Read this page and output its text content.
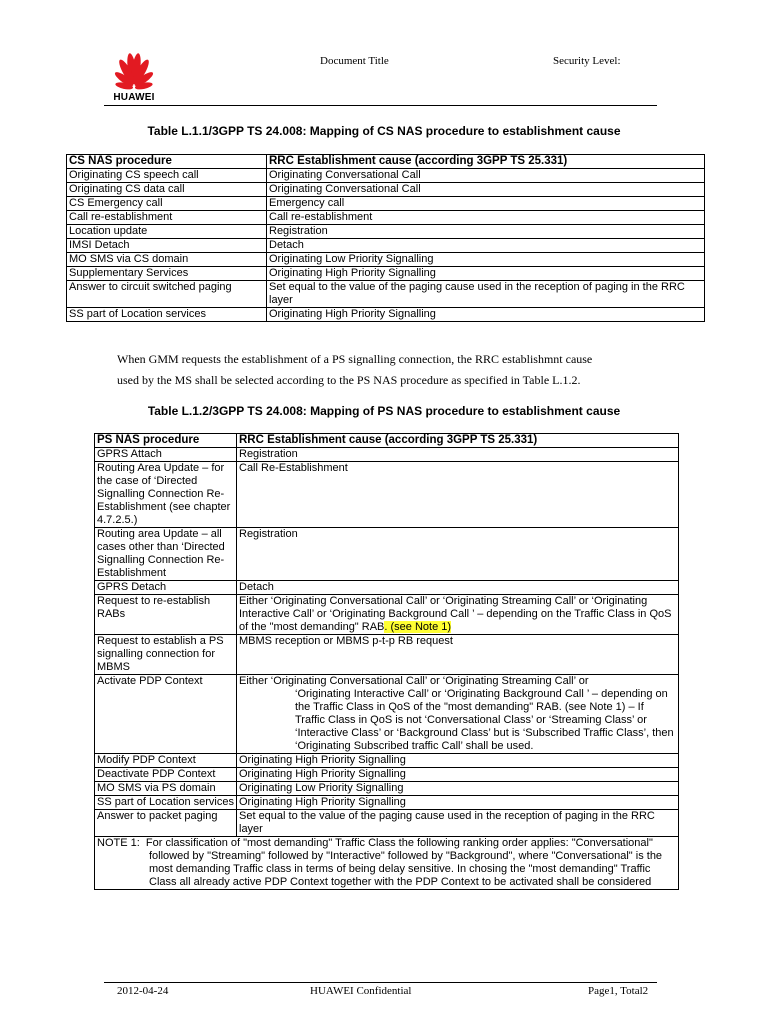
HUAWEI
Document Title	Security Level:
Table L.1.1/3GPP TS 24.008: Mapping of CS NAS procedure to establishment cause
CS NAS procedure	RRC Establishment cause (according 3GPP TS 25.331)
Originating CS speech call	Originating Conversational Call
Originating CS data call	Originating Conversational Call
CS Emergency call	Emergency call
Call re-establishment	Call re-establishment
Location update	Registration
IMSI Detach	Detach
MO SMS via CS domain	Originating Low Priority Signalling
Supplementary Services	Originating High Priority Signalling
Answer to circuit switched paging	Set equal to the value of the paging cause used in the reception of paging in the RRC layer
SS part of Location services	Originating High Priority Signalling
When GMM requests the establishment of a PS signalling connection, the RRC establishmnt cause
used by the MS shall be selected according to the PS NAS procedure as specified in Table L.1.2.
Table L.1.2/3GPP TS 24.008: Mapping of PS NAS procedure to establishment cause
PS NAS procedure	RRC Establishment cause (according 3GPP TS 25.331)
GPRS Attach	Registration
Routing Area Update – for the case of ‘Directed Signalling Connection Re-Establishment (see chapter 4.7.2.5.)	Call Re-Establishment
Routing area Update – all cases other than ‘Directed Signalling Connection Re-Establishment	Registration
GPRS Detach	Detach
Request to re-establish RABs	Either ‘Originating Conversational Call’ or ‘Originating Streaming Call’ or ‘Originating Interactive Call’ or ‘Originating Background Call ’ – depending on the Traffic Class in QoS of the "most demanding" RAB. (see Note 1)
Request to establish a PS signalling connection for MBMS	MBMS reception or MBMS p-t-p RB request
Activate PDP Context	Either ‘Originating Conversational Call’ or ‘Originating Streaming Call’ or
‘Originating Interactive Call’ or ‘Originating Background Call ’ – depending on the Traffic Class in QoS of the "most demanding" RAB. (see Note 1) – If Traffic Class in QoS is not ‘Conversational Class’ or ‘Streaming Class’ or ‘Interactive Class’ or ‘Background Class’ but is ‘Subscribed Traffic Class’, then ‘Originating Subscribed traffic Call’ shall be used.

Modify PDP Context	Originating High Priority Signalling
Deactivate PDP Context	Originating High Priority Signalling
MO SMS via PS domain	Originating Low Priority Signalling
SS part of Location services	Originating High Priority Signalling
Answer to packet paging	Set equal to the value of the paging cause used in the reception of paging in the RRC layer

NOTE 1:  For classification of "most demanding" Traffic Class the following ranking order applies: "Conversational" followed by "Streaming" followed by "Interactive" followed by "Background", where "Conversational" is the most demanding Traffic class in terms of being delay sensitive. In chosing the "most demanding" Traffic Class all already active PDP Context together with the PDP Context to be activated shall be considered	
2012-04-24	HUAWEI Confidential	Page1, Total2
